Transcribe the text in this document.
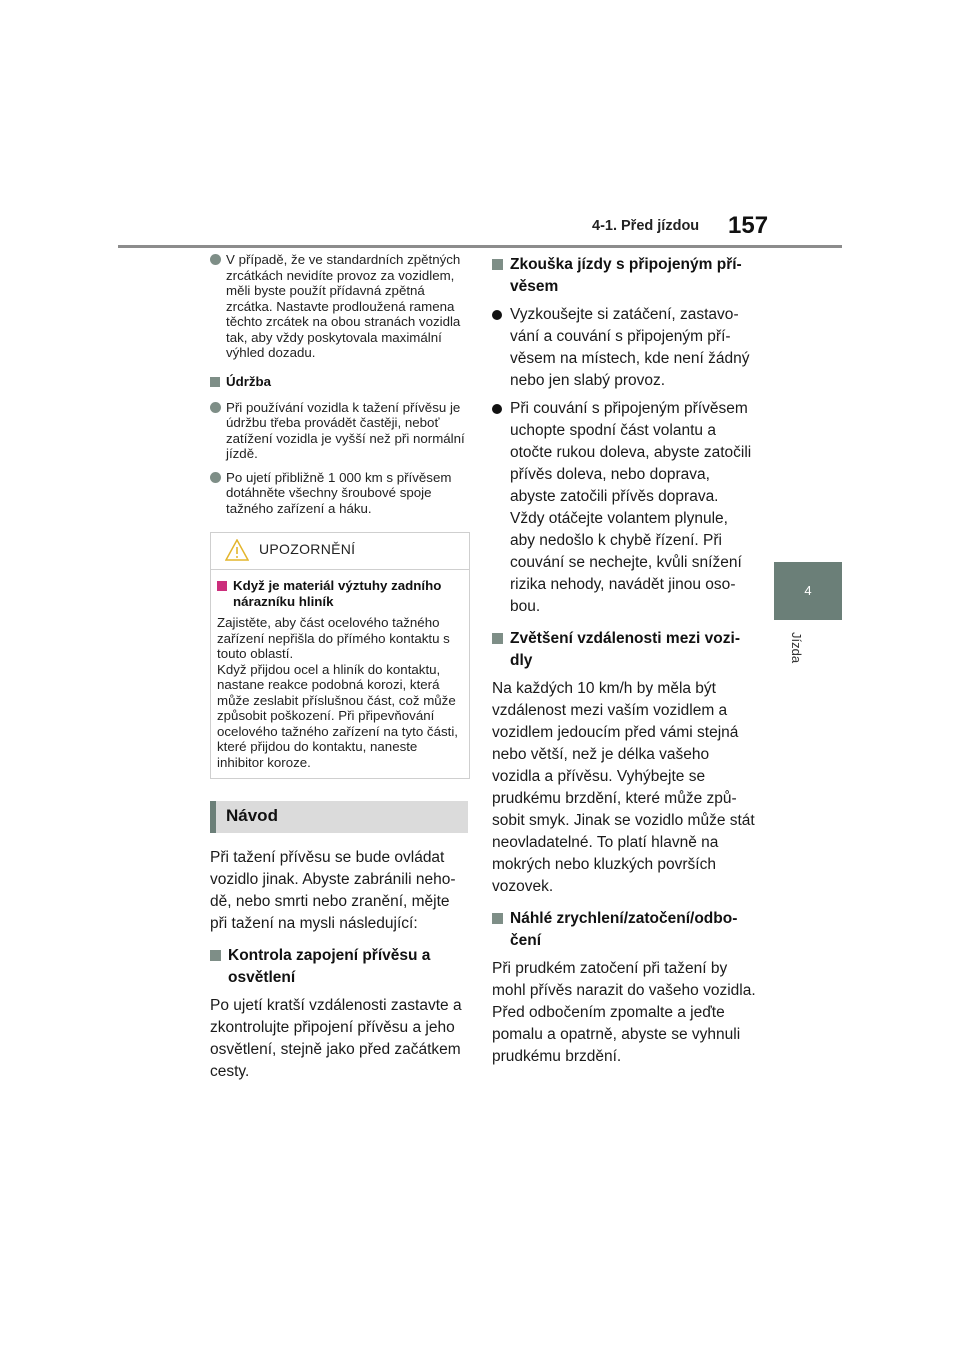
4-1. Před jízdou 157
4
Jízda
V případě, že ve standardních zpětných zrcátkách nevidíte provoz za vozidlem, měli byste použít přídavná zpětná zrcátka. Nastavte prodloužená ramena těchto zrcátek na obou stranách vozidla tak, aby vždy poskytovala maximální výhled dozadu.
Údržba
Při používání vozidla k tažení přívěsu je údržbu třeba provádět častěji, neboť zatížení vozidla je vyšší než při normální jízdě.
Po ujetí přibližně 1 000 km s přívěsem dotáhněte všechny šroubové spoje tažného zařízení a háku.
UPOZORNĚNÍ
Když je materiál výztuhy zadního nárazníku hliník
Zajistěte, aby část ocelového tažného zařízení nepřišla do přímého kontaktu s touto oblastí.
Když přijdou ocel a hliník do kontaktu, nastane reakce podobná korozi, která může zeslabit příslušnou část, což může způsobit poškození. Při připevňování ocelového tažného zařízení na tyto části, které přijdou do kontaktu, naneste inhibitor koroze.
Návod
Při tažení přívěsu se bude ovládat vozidlo jinak. Abyste zabránili nehodě, nebo smrti nebo zranění, mějte při tažení na mysli následující:
Kontrola zapojení přívěsu a osvětlení
Po ujetí kratší vzdálenosti zastavte a zkontrolujte připojení přívěsu a jeho osvětlení, stejně jako před začátkem cesty.
Zkouška jízdy s připojeným přívěsem
Vyzkoušejte si zatáčení, zastavování a couvání s připojeným přívěsem na místech, kde není žádný nebo jen slabý provoz.
Při couvání s připojeným přívěsem uchopte spodní část volantu a otočte rukou doleva, abyste zatočili přívěs doleva, nebo doprava, abyste zatočili přívěs doprava. Vždy otáčejte volantem plynule, aby nedošlo k chybě řízení. Při couvání se nechejte, kvůli snížení rizika nehody, navádět jinou osobou.
Zvětšení vzdálenosti mezi vozidly
Na každých 10 km/h by měla být vzdálenost mezi vaším vozidlem a vozidlem jedoucím před vámi stejná nebo větší, než je délka vašeho vozidla a přívěsu. Vyhýbejte se prudkému brzdění, které může způsobit smyk. Jinak se vozidlo může stát neovladatelné. To platí hlavně na mokrých nebo kluzkých površích vozovek.
Náhlé zrychlení/zatočení/odbočení
Při prudkém zatočení při tažení by mohl přívěs narazit do vašeho vozidla. Před odbočením zpomalte a jeďte pomalu a opatrně, abyste se vyhnuli prudkému brzdění.
